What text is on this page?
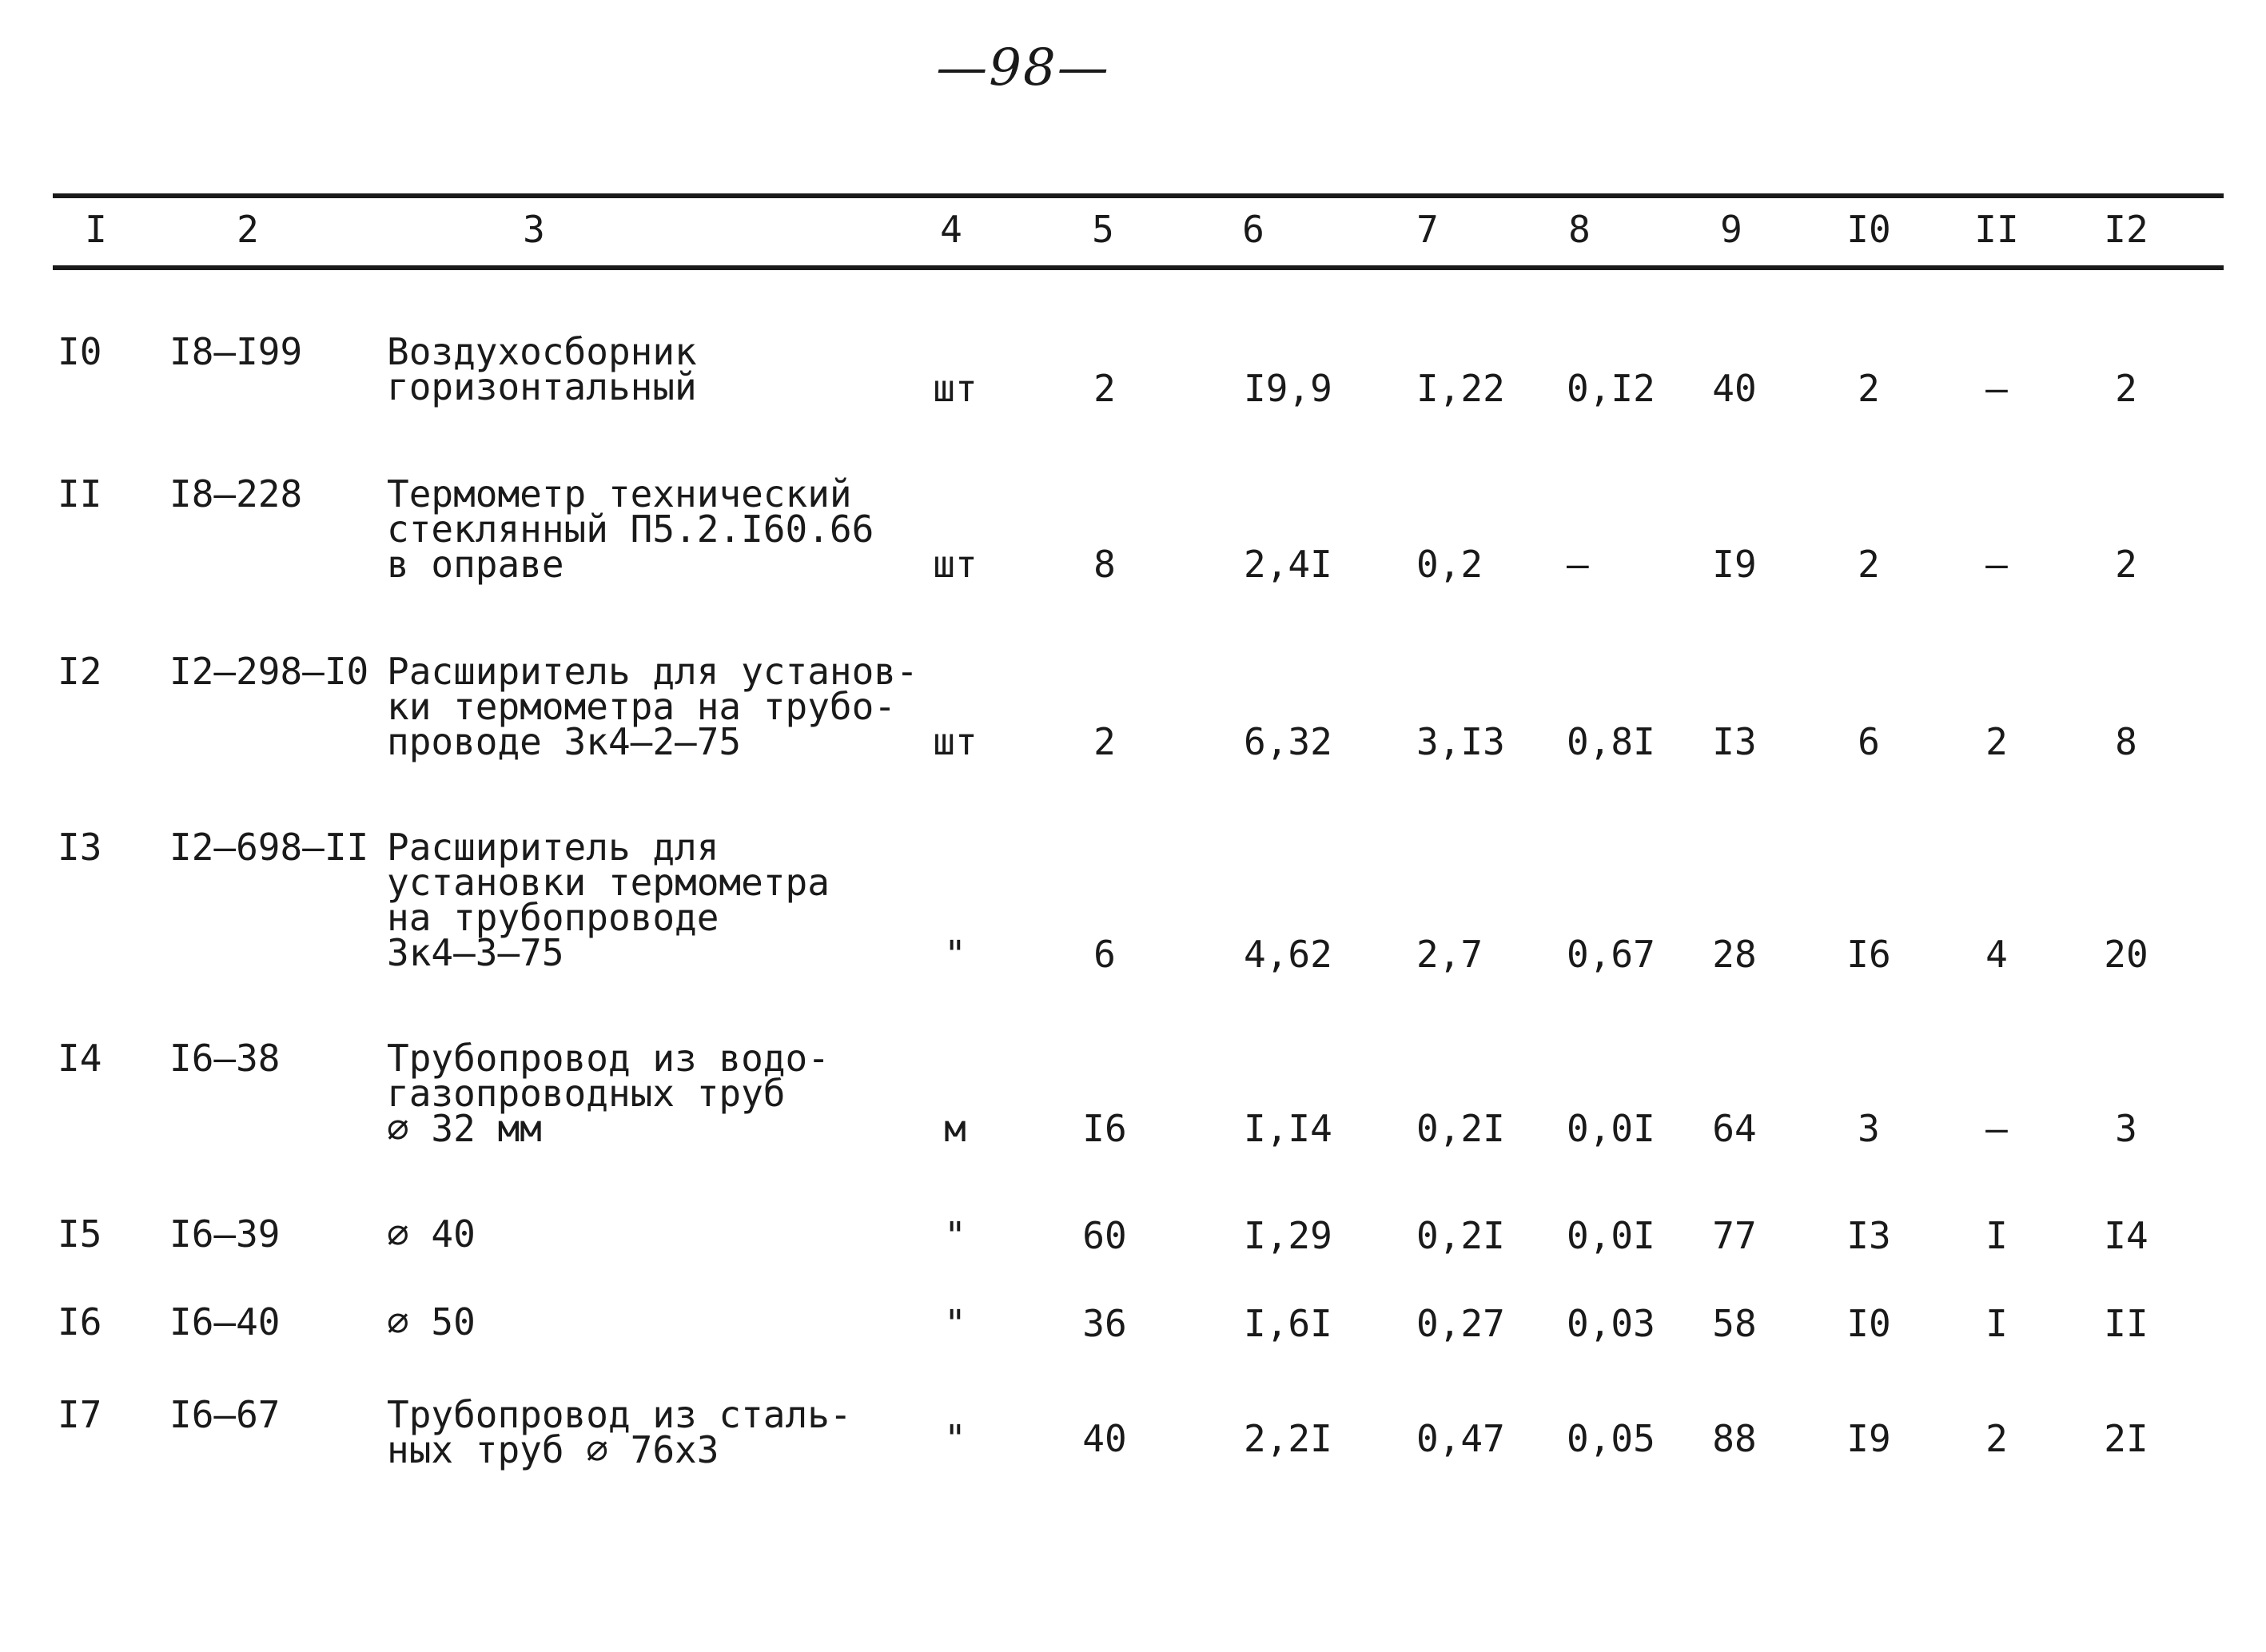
—98—
I	2	3	4	5	6	7	8	9	I0 II I2
I0 I8–I99 Воздухосборник
горизонтальный	шт	2	I9,9 I,22 0,I2	40	2	–	2
II I8–228 Термометр технический
стеклянный П5.2.I60.66
в оправе	шт	8	2,4I 0,2 –	I9	2	–	2
I2 I2–298–I0 Расширитель для установ-
ки термометра на трубо-
проводе 3к4–2–75	шт	2	6,32 3,I3 0,8I	I3	6	2	8
I3 I2–698–II Расширитель для
установки термометра
на трубопроводе
3к4–3–75	"	6	4,62 2,7 0,67	28	I6	4	20
I4 I6–38	Трубопровод из водо-
газопроводных труб
⌀ 32 мм	м	I6	I,I4 0,2I 0,0I	64	3	–	3
I5 I6–39	⌀ 40	"	60	I,29 0,2I 0,0I	77	I3	I	I4
I6 I6–40	⌀ 50	"	36	I,6I 0,27 0,03	58	I0	I	II
I7 I6–67	Трубопровод из сталь-
ных труб ⌀ 76х3	"	40	2,2I 0,47 0,05	88	I9	2	2I
